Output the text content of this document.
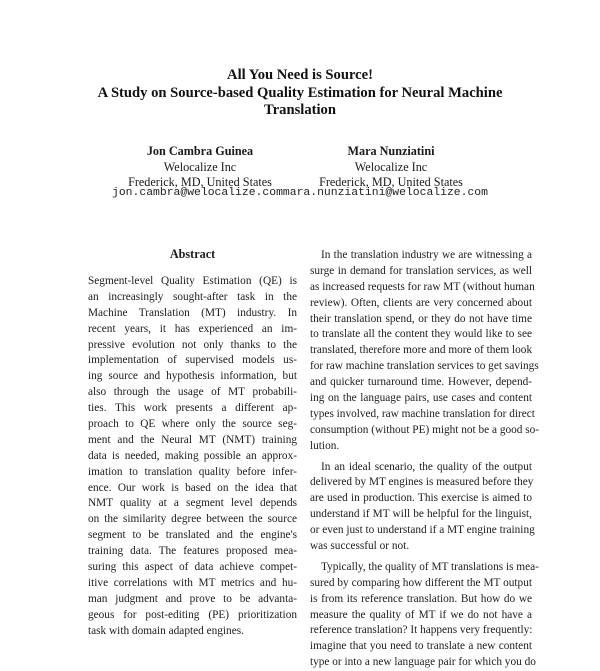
All You Need is Source!
A Study on Source-based Quality Estimation for Neural Machine
Translation
Jon Cambra Guinea
Welocalize Inc
Frederick, MD, United States
Mara Nunziatini
Welocalize Inc
Frederick, MD, United States
jon.cambra@welocalize.commara.nunziatini@welocalize.com
Abstract
Segment-level Quality Estimation (QE) is
an increasingly sought-after task in the
Machine Translation (MT) industry. In
recent years, it has experienced an im-
pressive evolution not only thanks to the
implementation of supervised models us-
ing source and hypothesis information, but
also through the usage of MT probabili-
ties. This work presents a different ap-
proach to QE where only the source seg-
ment and the Neural MT (NMT) training
data is needed, making possible an approx-
imation to translation quality before infer-
ence. Our work is based on the idea that
NMT quality at a segment level depends
on the similarity degree between the source
segment to be translated and the engine's
training data. The features proposed mea-
suring this aspect of data achieve compet-
itive correlations with MT metrics and hu-
man judgment and prove to be advanta-
geous for post-editing (PE) prioritization
task with domain adapted engines.
In the translation industry we are witnessing a
surge in demand for translation services, as well
as increased requests for raw MT (without human
review). Often, clients are very concerned about
their translation spend, or they do not have time
to translate all the content they would like to see
translated, therefore more and more of them look
for raw machine translation services to get savings
and quicker turnaround time. However, depend-
ing on the language pairs, use cases and content
types involved, raw machine translation for direct
consumption (without PE) might not be a good so-
lution.
In an ideal scenario, the quality of the output
delivered by MT engines is measured before they
are used in production. This exercise is aimed to
understand if MT will be helpful for the linguist,
or even just to understand if a MT engine training
was successful or not.
Typically, the quality of MT translations is mea-
sured by comparing how different the MT output
is from its reference translation. But how do we
measure the quality of MT if we do not have a
reference translation? It happens very frequently:
imagine that you need to translate a new content
type or into a new language pair for which you do
